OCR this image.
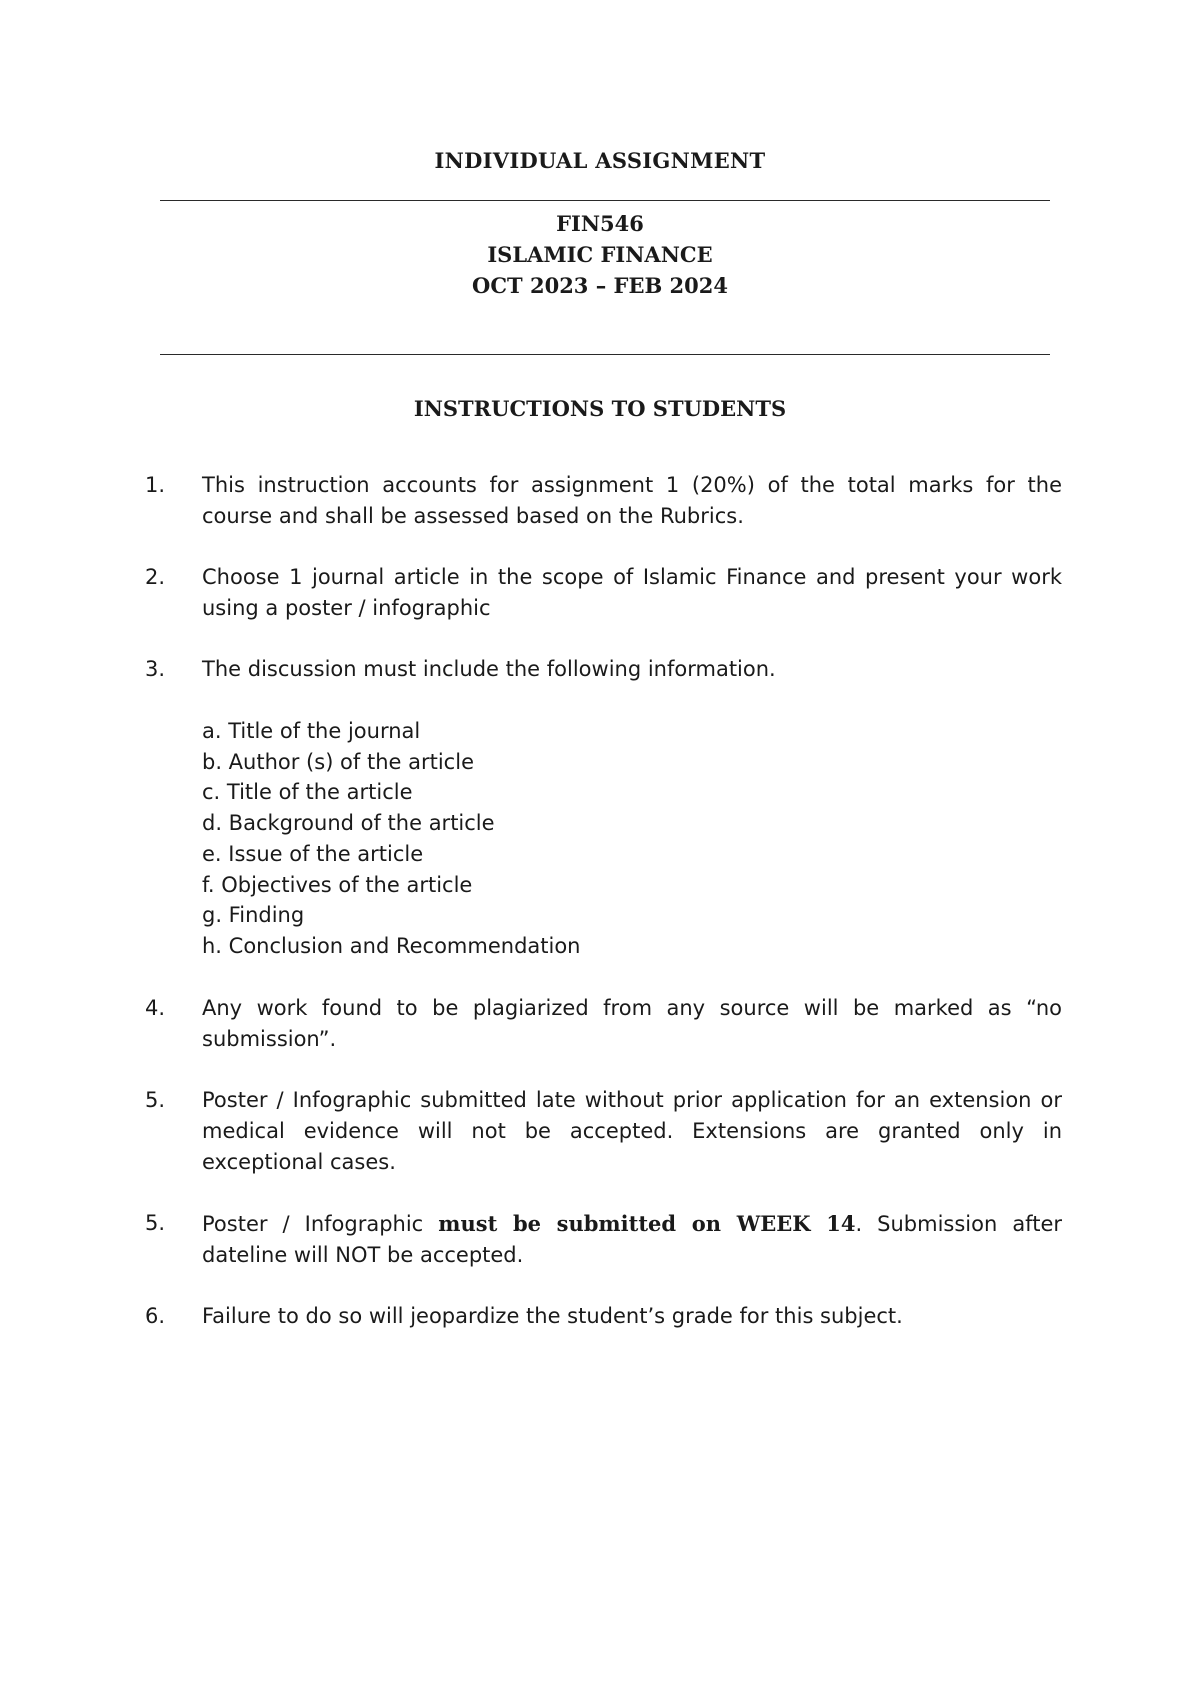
INDIVIDUAL ASSIGNMENT
FIN546
ISLAMIC FINANCE
OCT 2023 – FEB 2024
INSTRUCTIONS TO STUDENTS
1. This instruction accounts for assignment 1 (20%) of the total marks for the course and shall be assessed based on the Rubrics.
2. Choose 1 journal article in the scope of Islamic Finance and present your work using a poster / infographic
3. The discussion must include the following information.
a. Title of the journal
b. Author (s) of the article
c. Title of the article
d. Background of the article
e. Issue of the article
f. Objectives of the article
g. Finding
h. Conclusion and Recommendation
4. Any work found to be plagiarized from any source will be marked as “no submission”.
5. Poster / Infographic submitted late without prior application for an extension or medical evidence will not be accepted. Extensions are granted only in exceptional cases.
5. Poster / Infographic must be submitted on WEEK 14. Submission after dateline will NOT be accepted.
6. Failure to do so will jeopardize the student’s grade for this subject.
